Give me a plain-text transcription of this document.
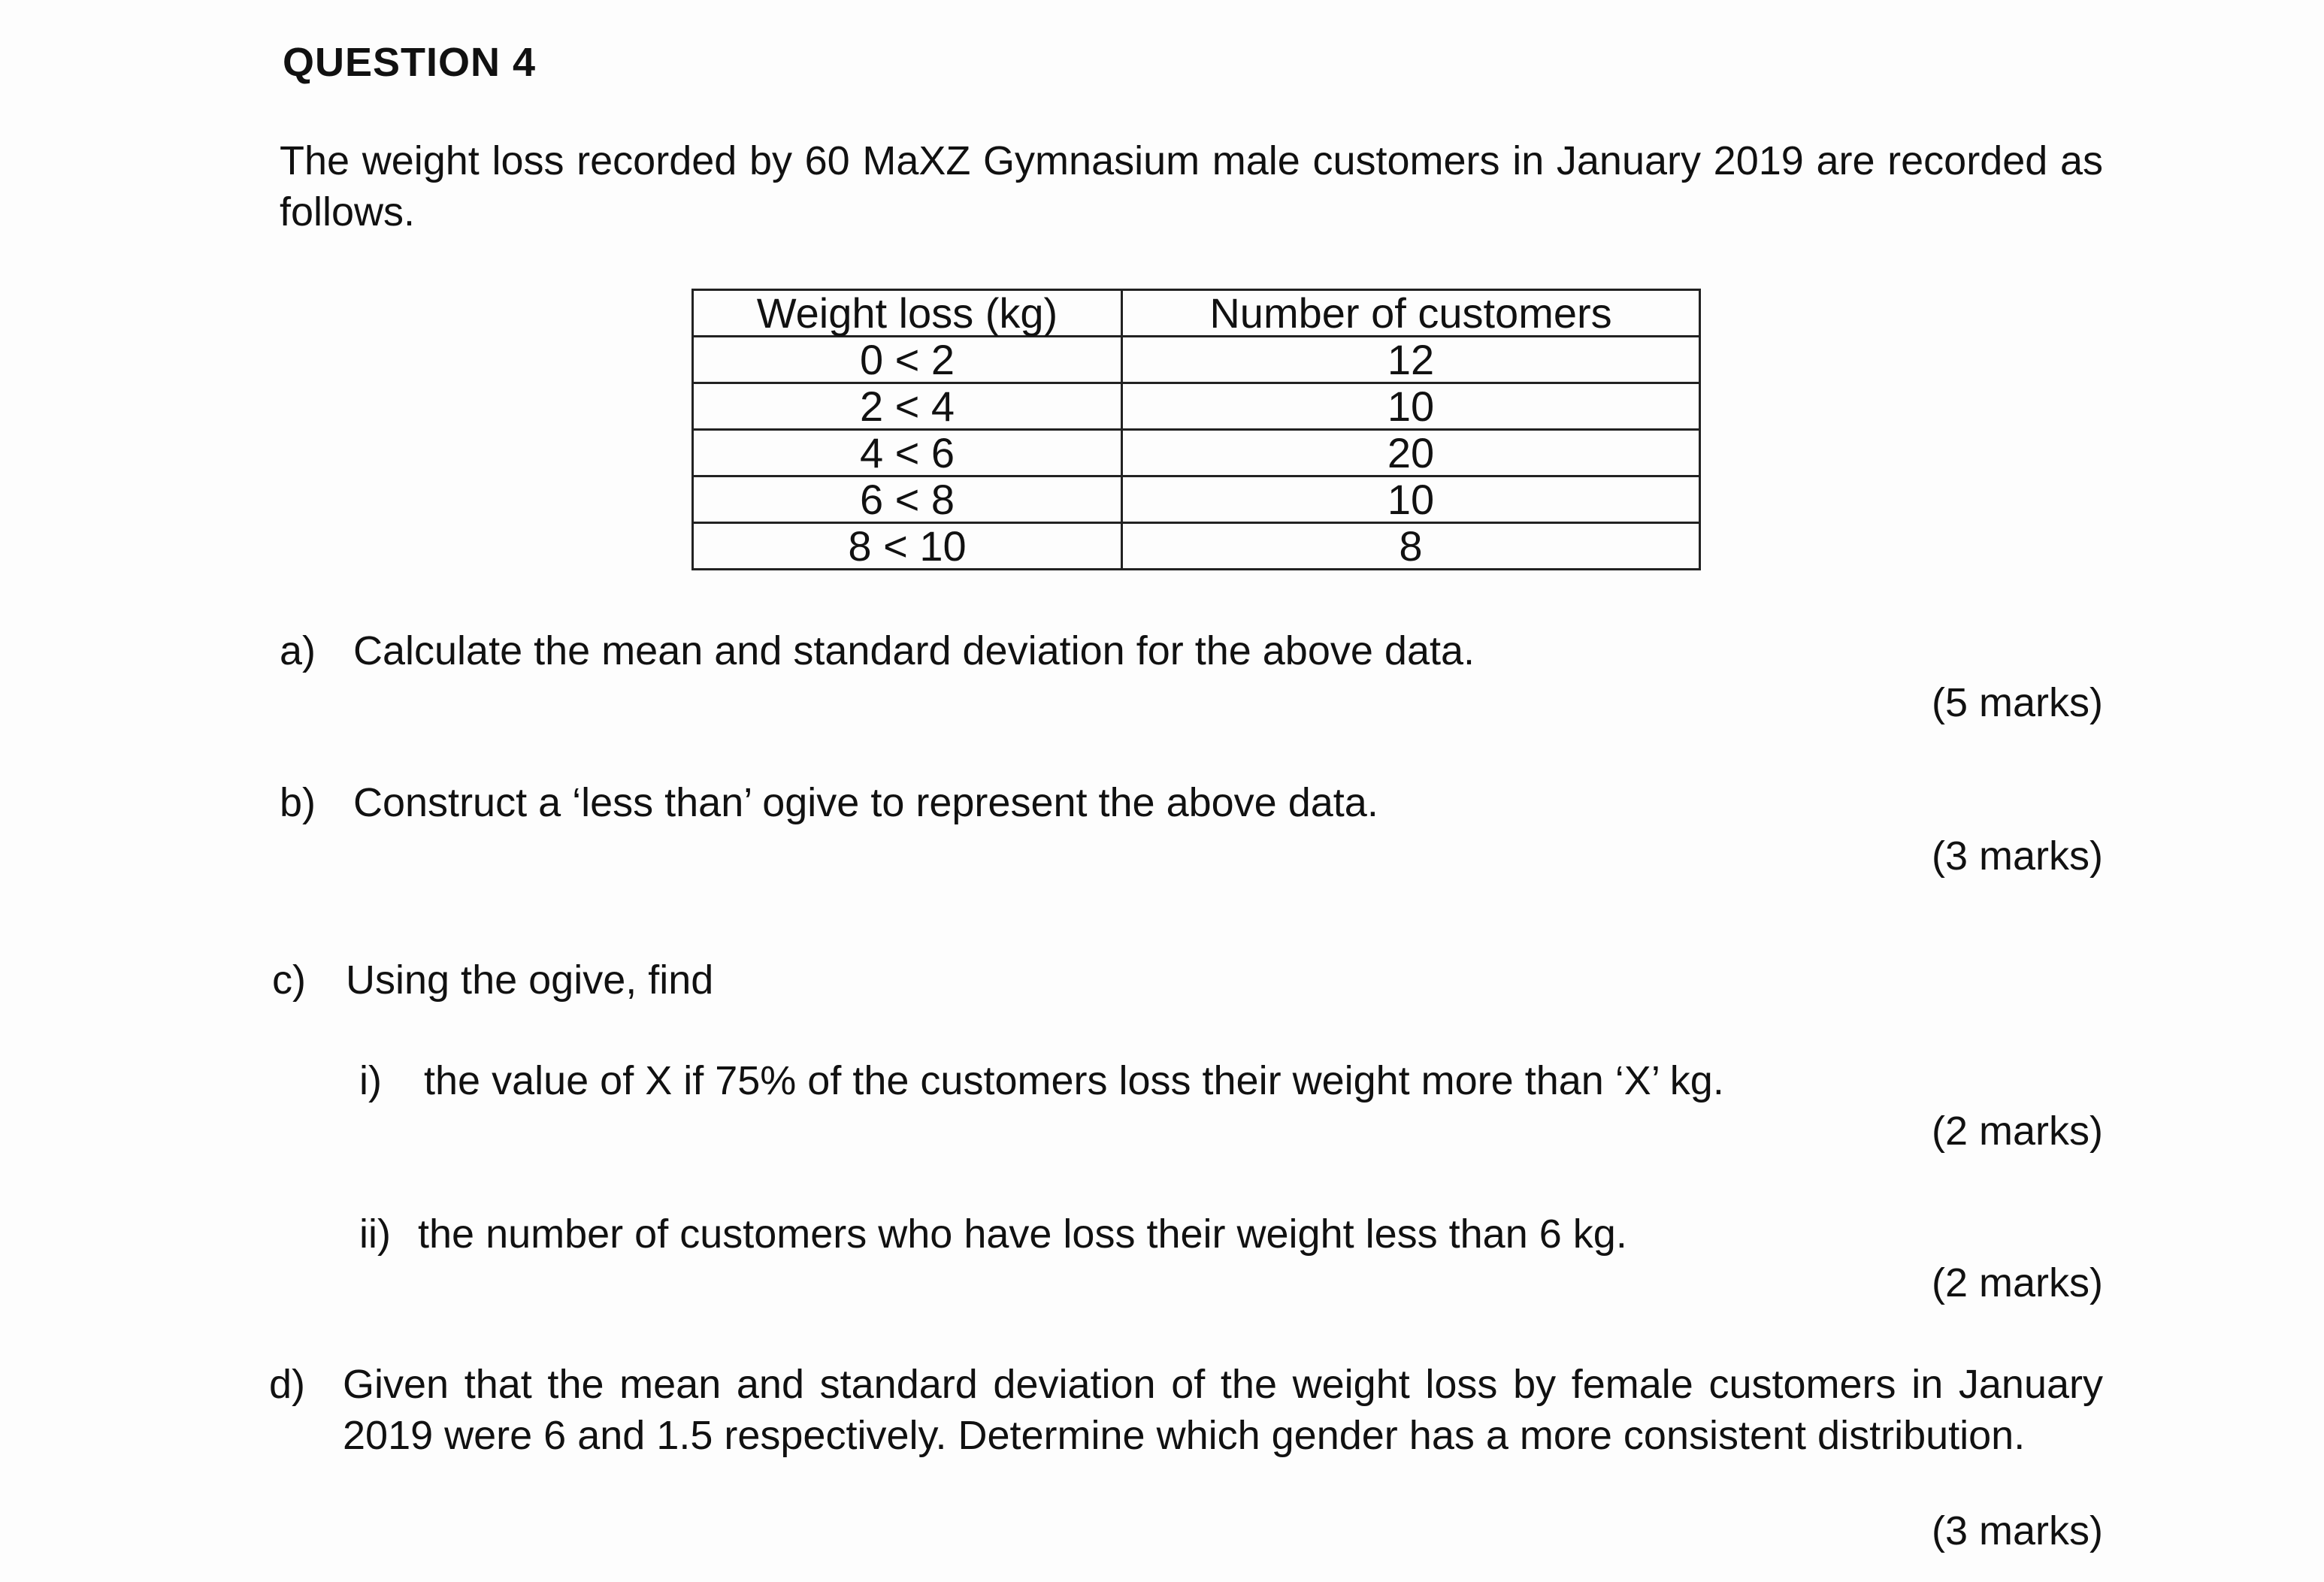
QUESTION 4
The weight loss recorded by 60 MaXZ Gymnasium male customers in January 2019 are recorded as follows.
Weight loss (kg)	Number of customers
0 < 2	12
2 < 4	10
4 < 6	20
6 < 8	10
8 < 10	8
a) Calculate the mean and standard deviation for the above data.
(5 marks)
b) Construct a ‘less than’ ogive to represent the above data.
(3 marks)
c) Using the ogive, find
i) the value of X if 75% of the customers loss their weight more than ‘X’ kg.
(2 marks)
ii) the number of customers who have loss their weight less than 6 kg.
(2 marks)
d) Given that the mean and standard deviation of the weight loss by female customers in January 2019 were 6 and 1.5 respectively. Determine which gender has a more consistent distribution.
(3 marks)
